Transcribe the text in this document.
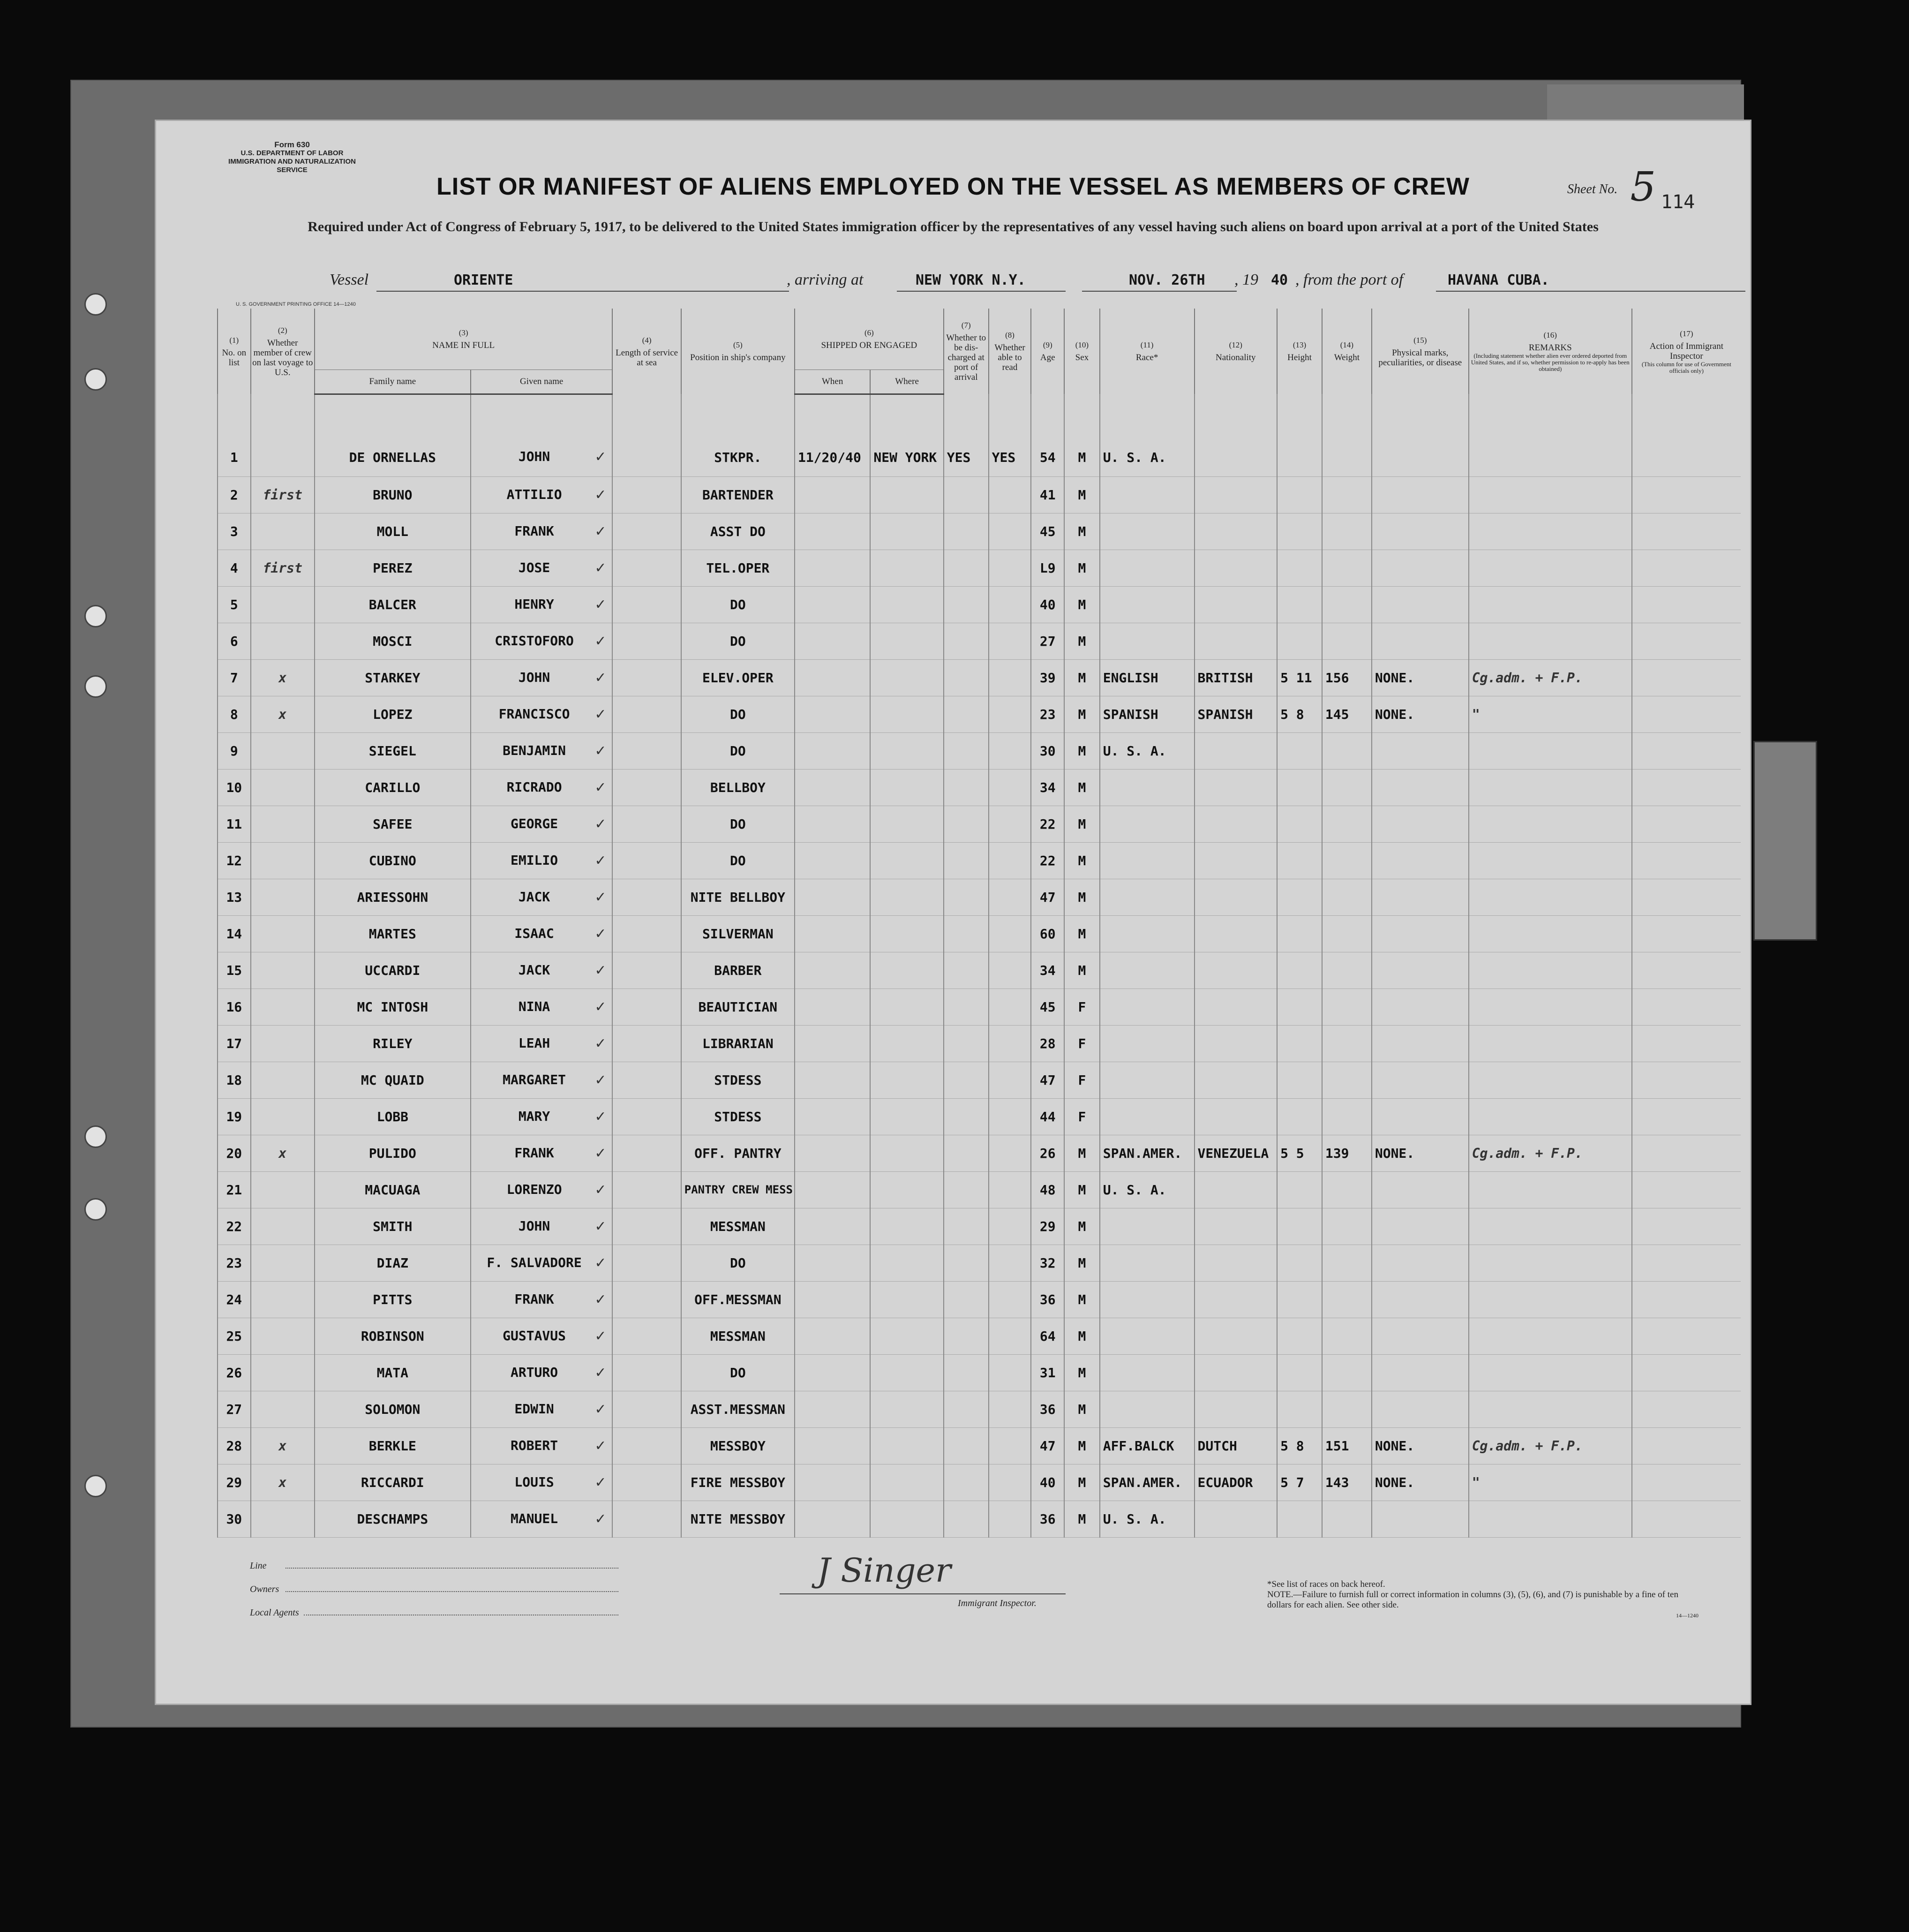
Form 630
U.S. DEPARTMENT OF LABOR
IMMIGRATION AND NATURALIZATION SERVICE
Sheet No. 5 114
LIST OR MANIFEST OF ALIENS EMPLOYED ON THE VESSEL AS MEMBERS OF CREW
Required under Act of Congress of February 5, 1917, to be delivered to the United States immigration officer by the representatives of any vessel having such aliens on board upon arrival at a port of the United States
Vessel	ORIENTE	, arriving at	NEW YORK N.Y.	NOV. 26TH , 19 40 , from the port of	HAVANA CUBA.
U. S. GOVERNMENT PRINTING OFFICE 14—1240
(1)
No. on list	(2)
Whether member of crew on last voyage to U.S.	(3)
NAME IN FULL		(4)
Length of service at sea	(5)
Position in ship's company	(6)
SHIPPED OR ENGAGED		(7)
Whether to be dis-charged at port of arrival	(8)
Whether able to read	(9)
Age	(10)
Sex	(11)
Race*	(12)
Nationality	(13)
Height	(14)
Weight	(15)
Physical marks, peculiarities, or disease	(16)
REMARKS

(Including statement whether alien ever ordered deported from United States, and if so, whether permission to re-apply has been obtained)	(17)
Action of Immigrant Inspector

(This column for use of Government officials only)

		Family name	Given name			When	Where											
1		DE ORNELLAS	JOHN ✓		STKPR.	11/20/40	NEW YORK	YES	YES	54	M	U. S. A.						
2	first	BRUNO	ATTILIO ✓		BARTENDER					41	M							
3		MOLL	FRANK ✓		ASST DO					45	M							
4	first	PEREZ	JOSE ✓		TEL.OPER					L9	M							
5		BALCER	HENRY ✓		DO					40	M							
6		MOSCI	CRISTOFORO ✓		DO					27	M							
7	x	STARKEY	JOHN ✓		ELEV.OPER					39	M	ENGLISH	BRITISH	5 11	156	NONE.	Cg.adm. + F.P.	
8	x	LOPEZ	FRANCISCO ✓		DO					23	M	SPANISH	SPANISH	5 8	145	NONE.	"	
9		SIEGEL	BENJAMIN ✓		DO					30	M	U. S. A.						
10		CARILLO	RICRADO ✓		BELLBOY					34	M							
11		SAFEE	GEORGE ✓		DO					22	M							
12		CUBINO	EMILIO ✓		DO					22	M							
13		ARIESSOHN	JACK ✓		NITE BELLBOY					47	M							
14		MARTES	ISAAC ✓		SILVERMAN					60	M							
15		UCCARDI	JACK ✓		BARBER					34	M							
16		MC INTOSH	NINA ✓		BEAUTICIAN					45	F							
17		RILEY	LEAH ✓		LIBRARIAN					28	F							
18		MC QUAID	MARGARET ✓		STDESS					47	F							
19		LOBB	MARY ✓		STDESS					44	F							
20	x	PULIDO	FRANK ✓		OFF. PANTRY					26	M	SPAN.AMER.	VENEZUELA	5 5	139	NONE.	Cg.adm. + F.P.	
21		MACUAGA	LORENZO ✓		PANTRY CREW MESS					48	M	U. S. A.						
22		SMITH	JOHN ✓		MESSMAN					29	M							
23		DIAZ	F. SALVADORE ✓		DO					32	M							
24		PITTS	FRANK ✓		OFF.MESSMAN					36	M							
25		ROBINSON	GUSTAVUS ✓		MESSMAN					64	M							
26		MATA	ARTURO ✓		DO					31	M							
27		SOLOMON	EDWIN ✓		ASST.MESSMAN					36	M							
28	x	BERKLE	ROBERT ✓		MESSBOY					47	M	AFF.BALCK	DUTCH	5 8	151	NONE.	Cg.adm. + F.P.	
29	x	RICCARDI	LOUIS ✓		FIRE MESSBOY					40	M	SPAN.AMER.	ECUADOR	5 7	143	NONE.	"	
30		DESCHAMPS	MANUEL ✓		NITE MESSBOY					36	M	U. S. A.						
Line
Owners
Local Agents
J Singer
Immigrant Inspector.
*See list of races on back hereof.
NOTE.—Failure to furnish full or correct information in columns (3), (5), (6), and (7) is punishable by a fine of ten dollars for each alien. See other side.
14—1240
